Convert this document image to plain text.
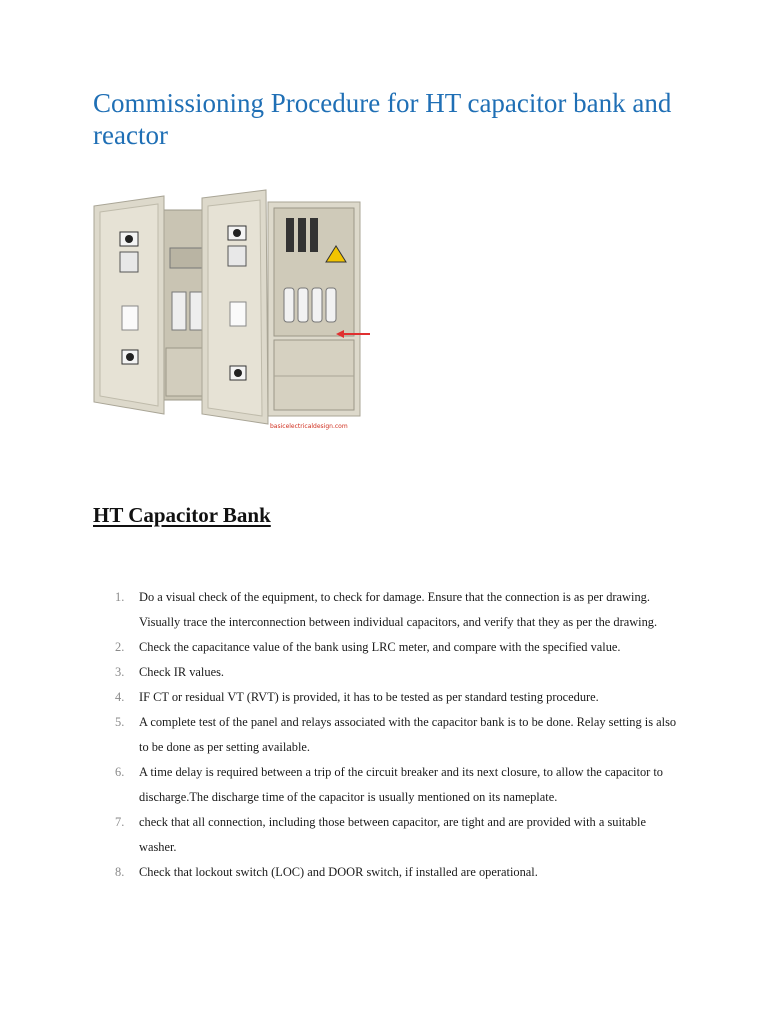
Commissioning Procedure for HT capacitor bank and reactor
basicelectricaldesign.com
HT Capacitor Bank
1. Do a visual check of the equipment, to check for damage. Ensure that the connection is as per drawing. Visually trace the interconnection between individual capacitors, and verify that they as per the drawing.
2. Check the capacitance value of the bank using LRC meter, and compare with the specified value.
3. Check IR values.
4. IF CT or residual VT (RVT) is provided, it has to be tested as per standard testing procedure.
5. A complete test of the panel and relays associated with the capacitor bank is to be done. Relay setting is also to be done as per setting available.
6. A time delay is required between a trip of the circuit breaker and its next closure, to allow the capacitor to discharge.The discharge time of the capacitor is usually mentioned on its nameplate.
7. check that all connection, including those between capacitor, are tight and are provided with a suitable washer.
8. Check that lockout switch (LOC) and DOOR switch, if installed are operational.
